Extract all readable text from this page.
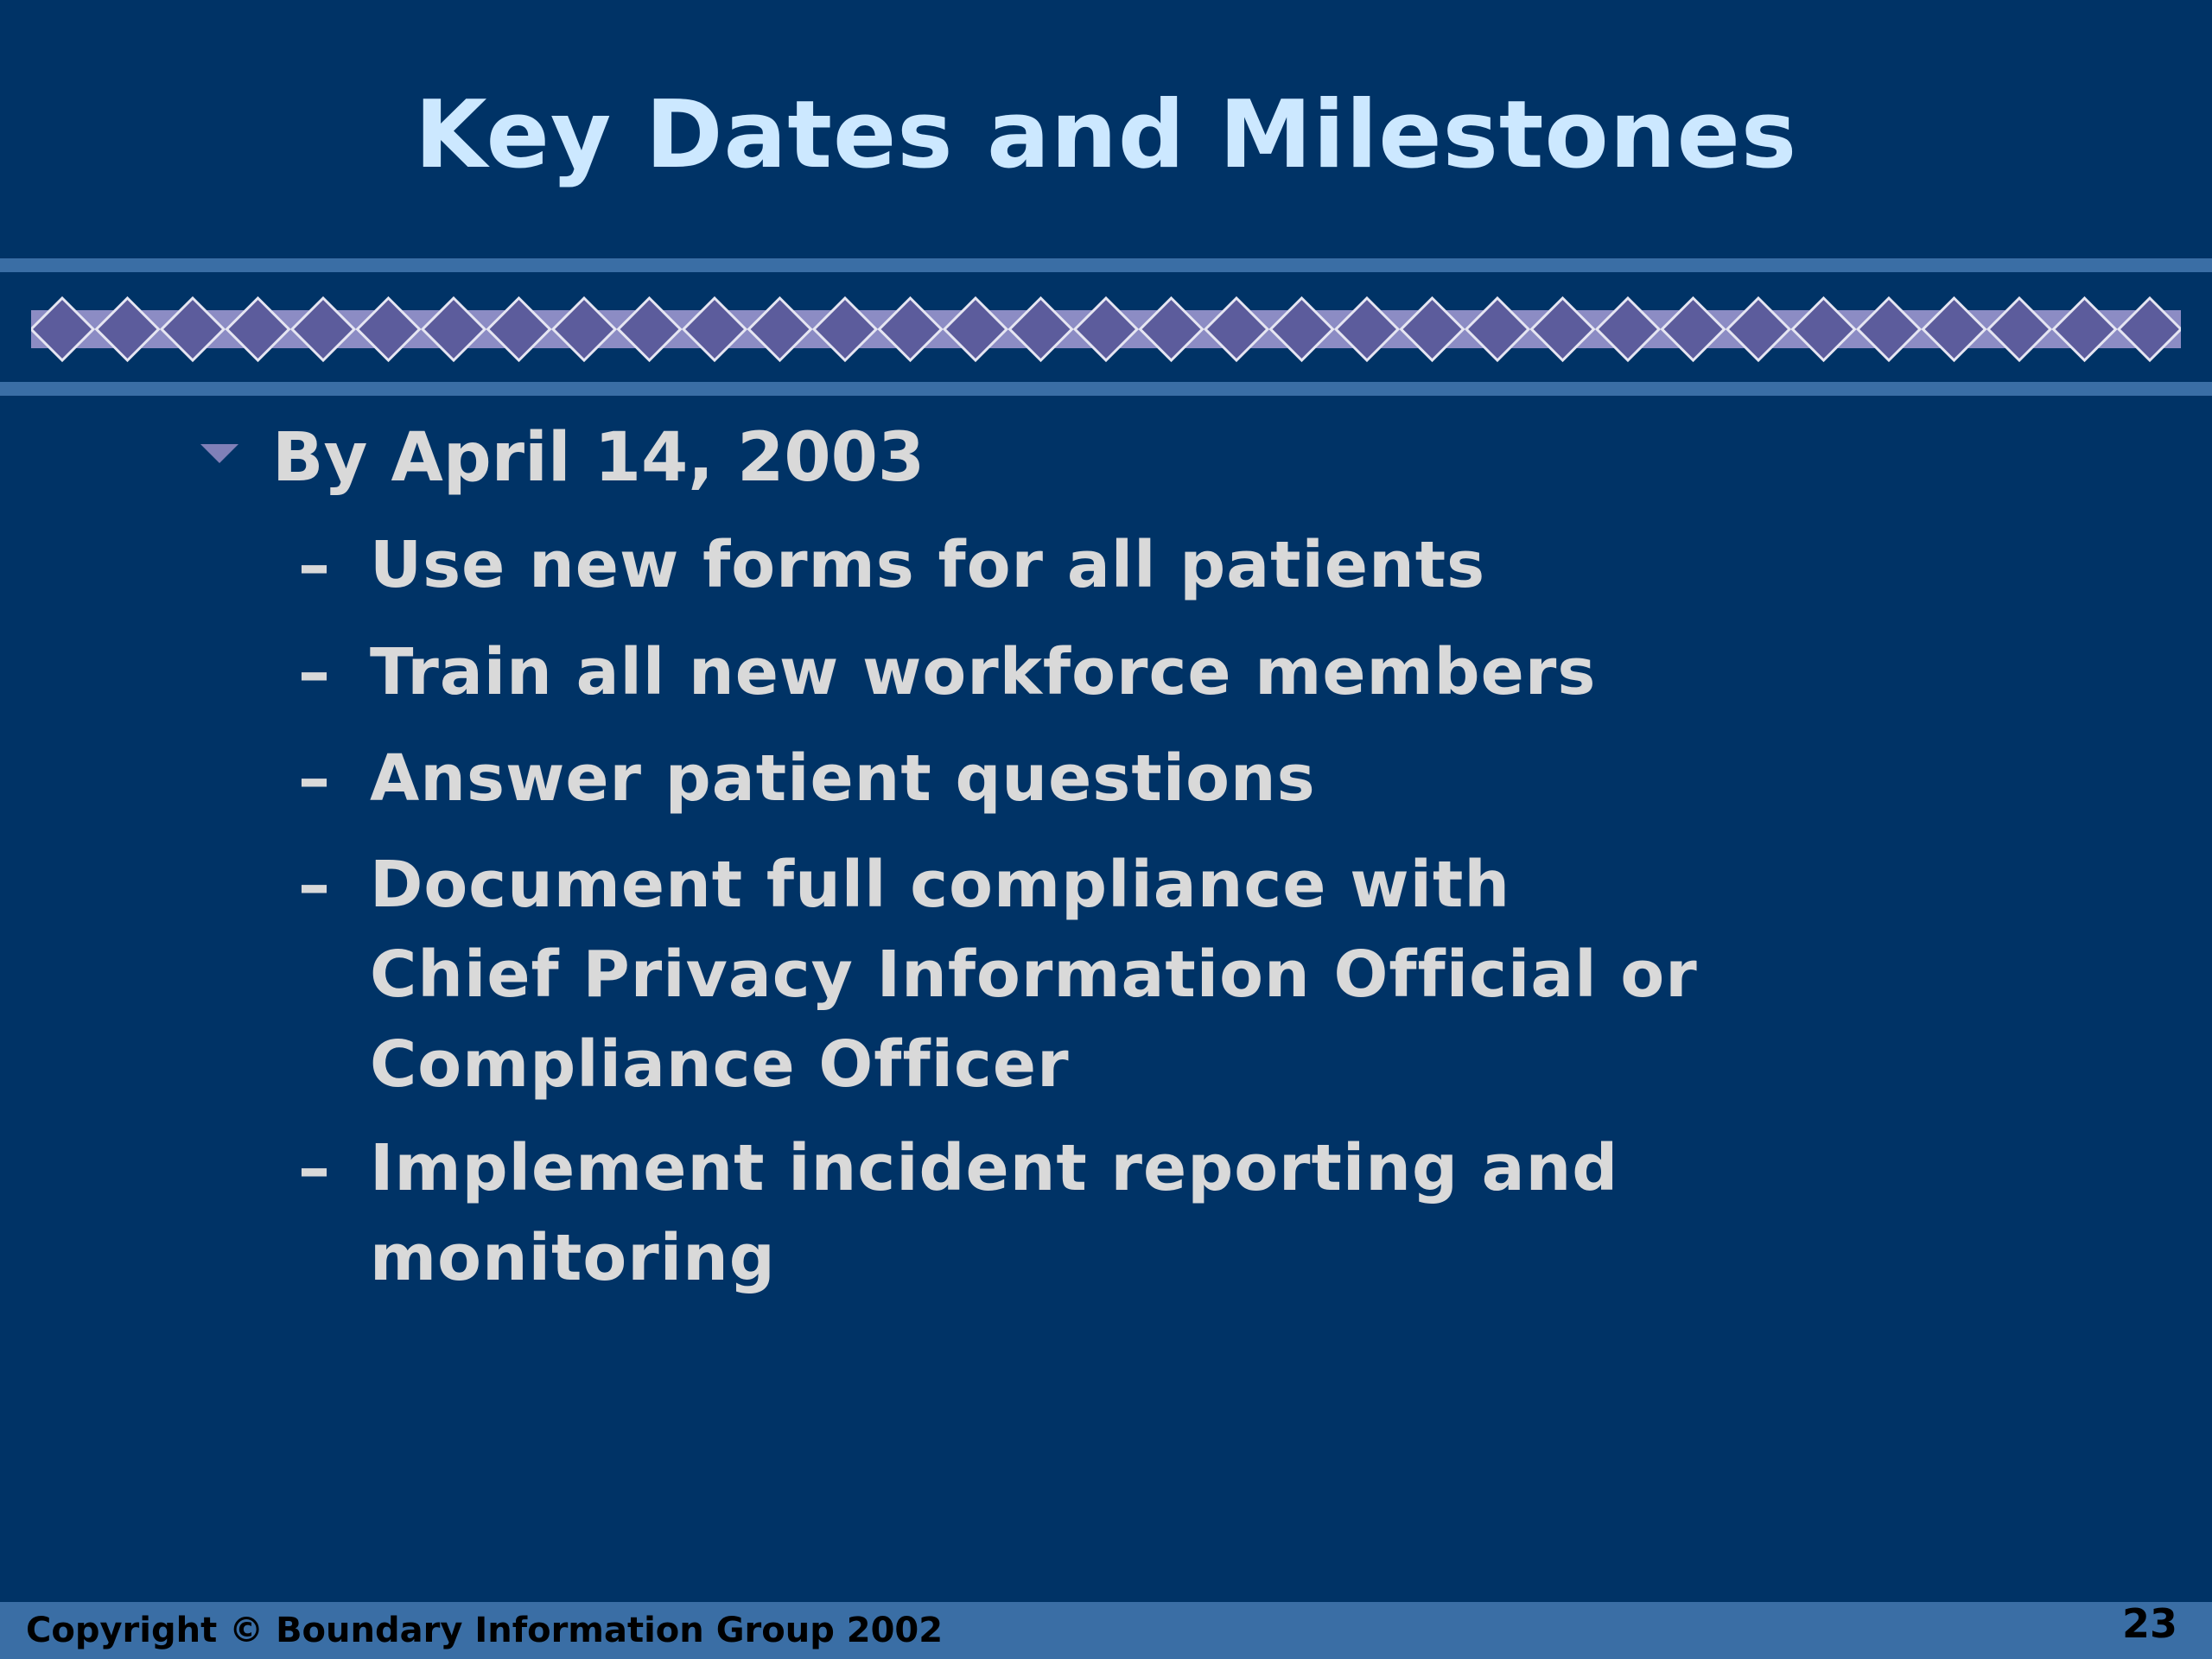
Key Dates and Milestones
By April 14, 2003
– Use new forms for all patients
– Train all new workforce members
– Answer patient questions
– Document full compliance with
Chief Privacy Information Official or
Compliance Officer
– Implement incident reporting and
monitoring
Copyright © Boundary Information Group 2002	23
